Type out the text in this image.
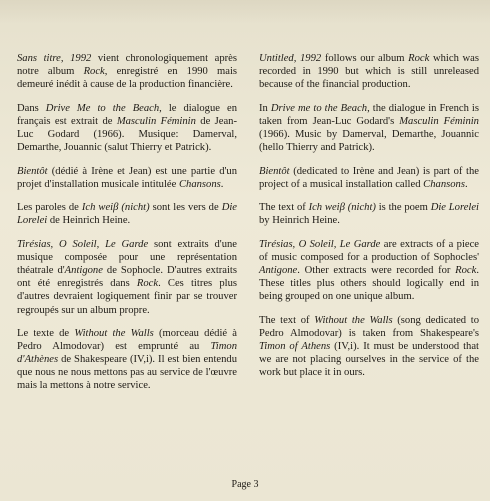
Sans titre, 1992 vient chronologiquement après notre album Rock, enregistré en 1990 mais demeuré inédit à cause de la production financière.

Dans Drive Me to the Beach, le dialogue en français est extrait de Masculin Féminin de Jean-Luc Godard (1966). Musique: Damerval, Demarthe, Jouannic (salut Thierry et Patrick).

Bientôt (dédié à Irène et Jean) est une partie d'un projet d'installation musicale intitulée Chansons.

Les paroles de Ich weiβ (nicht) sont les vers de Die Lorelei de Heinrich Heine.

Tirésias, O Soleil, Le Garde sont extraits d'une musique composée pour une représentation théatrale d'Antigone de Sophocle. D'autres extraits ont été enregistrés dans Rock. Ces titres plus d'autres devraient logiquement finir par se trouver regroupés sur un album propre.

Le texte de Without the Walls (morceau dédié à Pedro Almodovar) est emprunté au Timon d'Athènes de Shakespeare (IV,i). Il est bien entendu que nous ne nous mettons pas au service de l'œuvre mais la mettons à notre service.

Untitled, 1992 follows our album Rock which was recorded in 1990 but which is still unreleased because of the financial production.

In Drive me to the Beach, the dialogue in French is taken from Jean-Luc Godard's Masculin Féminin (1966). Music by Damerval, Demarthe, Jouannic (hello Thierry and Patrick).

Bientôt (dedicated to Irène and Jean) is part of the project of a musical installation called Chansons.

The text of Ich weiβ (nicht) is the poem Die Lorelei by Heinrich Heine.

Tirésias, O Soleil, Le Garde are extracts of a piece of music composed for a production of Sophocles' Antigone. Other extracts were recorded for Rock. These titles plus others should logically end in being grouped on one unique album.

The text of Without the Walls (song dedicated to Pedro Almodovar) is taken from Shakespeare's Timon of Athens (IV,i). It must be understood that we are not placing ourselves in the service of the work but place it in ours.

Page 3
